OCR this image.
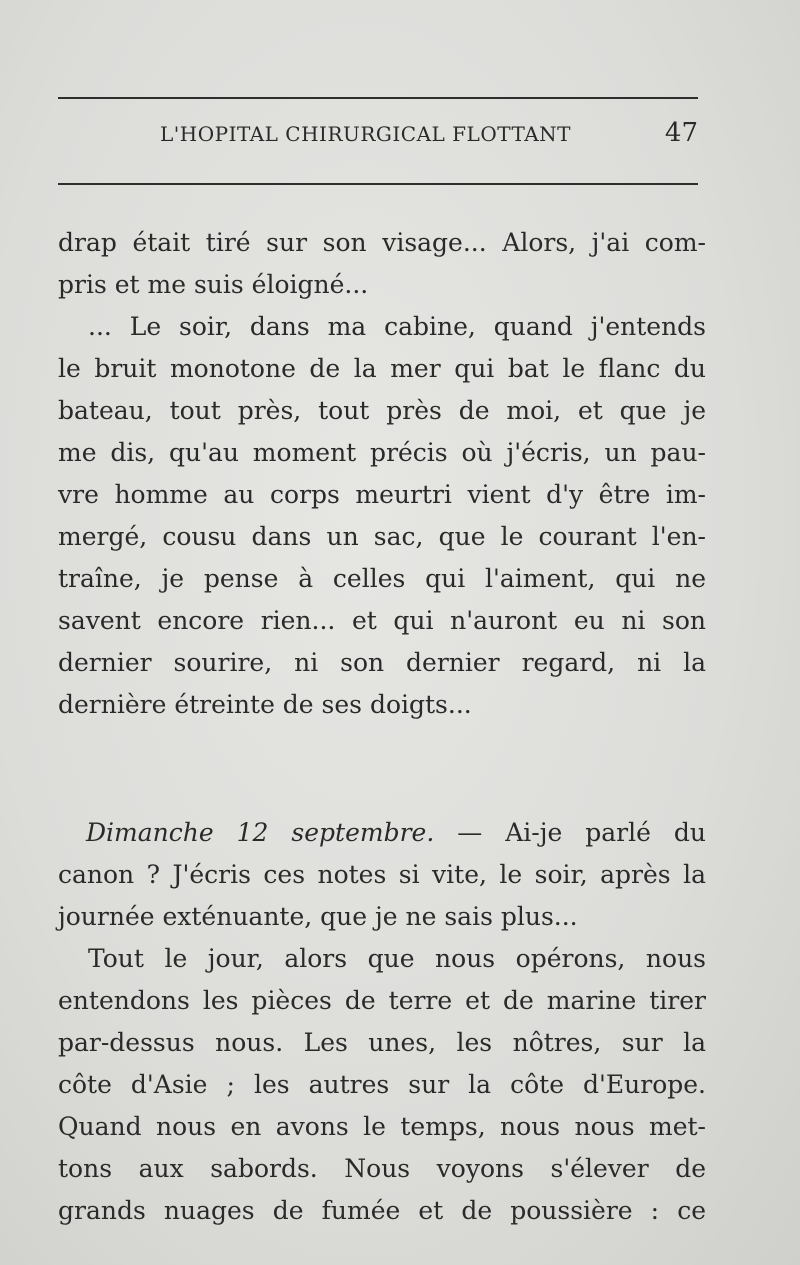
L'HOPITAL CHIRURGICAL FLOTTANT	47
drap était tiré sur son visage... Alors, j'ai com-
pris et me suis éloigné...
... Le soir, dans ma cabine, quand j'entends
le bruit monotone de la mer qui bat le flanc du
bateau, tout près, tout près de moi, et que je
me dis, qu'au moment précis où j'écris, un pau-
vre homme au corps meurtri vient d'y être im-
mergé, cousu dans un sac, que le courant l'en-
traîne, je pense à celles qui l'aiment, qui ne
savent encore rien... et qui n'auront eu ni son
dernier sourire, ni son dernier regard, ni la
dernière étreinte de ses doigts...
Dimanche 12 septembre. — Ai-je parlé du
canon ? J'écris ces notes si vite, le soir, après la
journée exténuante, que je ne sais plus...
Tout le jour, alors que nous opérons, nous
entendons les pièces de terre et de marine tirer
par-dessus nous. Les unes, les nôtres, sur la
côte d'Asie ; les autres sur la côte d'Europe.
Quand nous en avons le temps, nous nous met-
tons aux sabords. Nous voyons s'élever de
grands nuages de fumée et de poussière : ce
